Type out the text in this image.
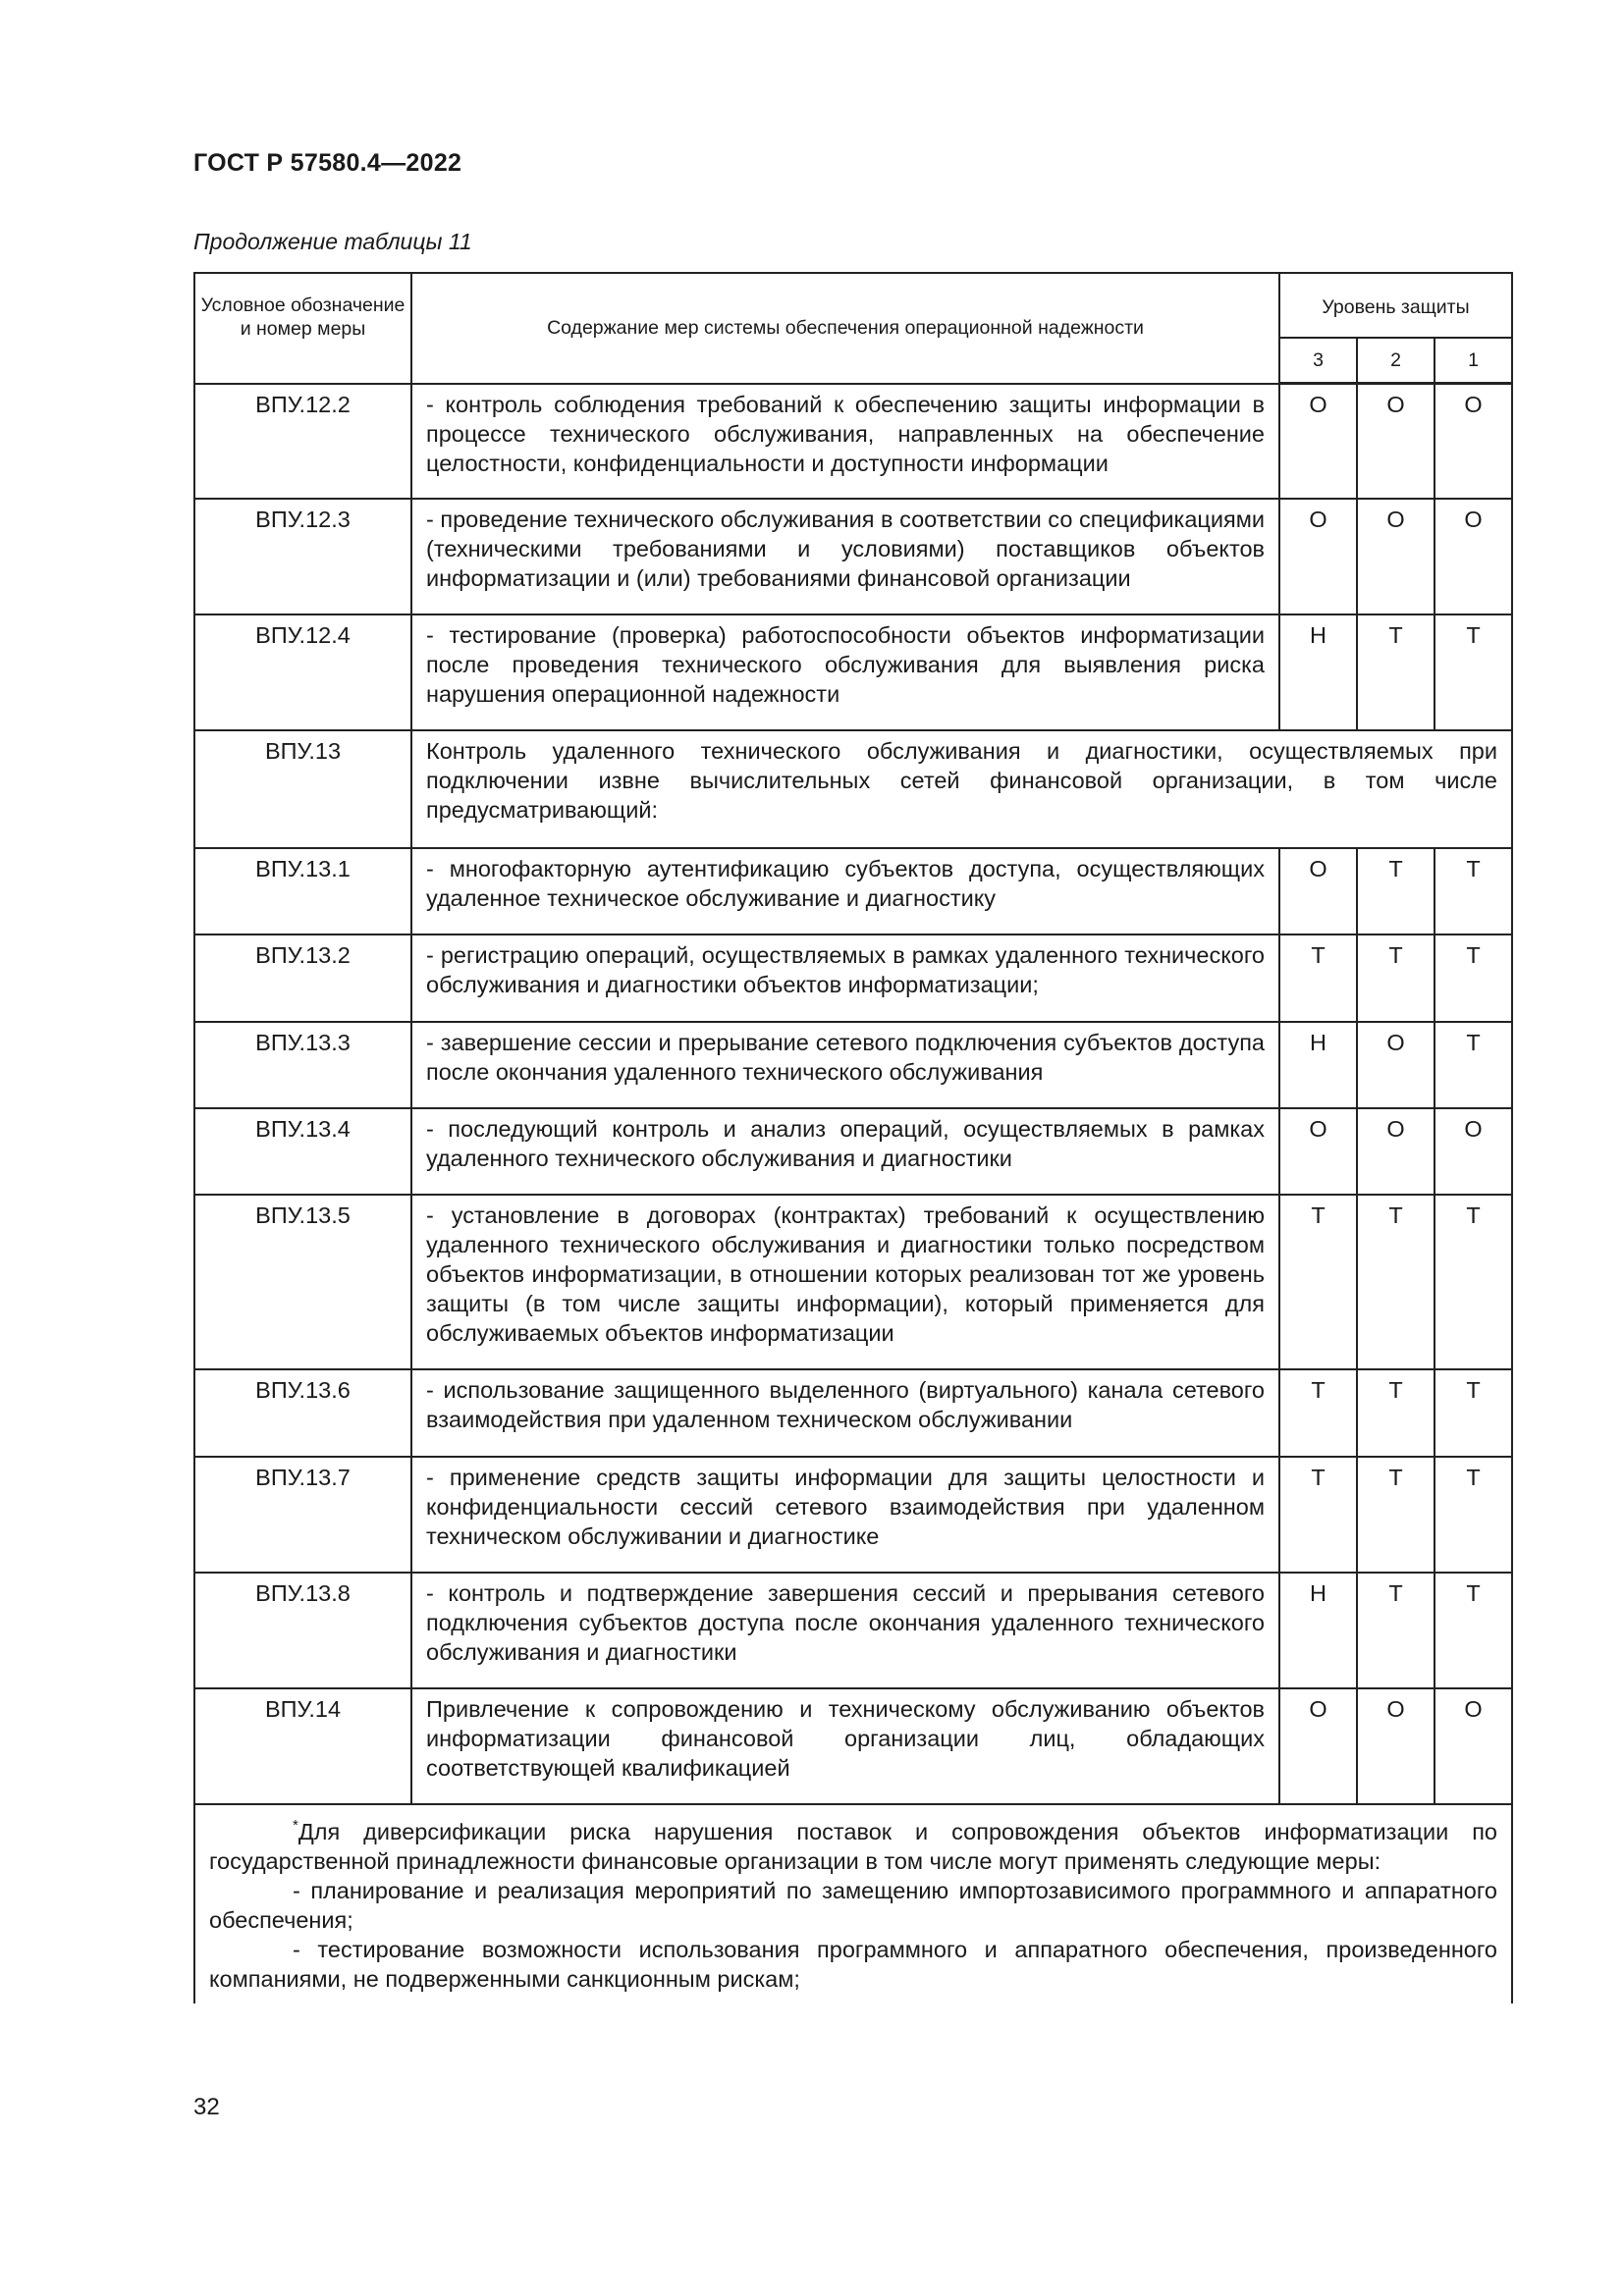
ГОСТ Р 57580.4—2022
Продолжение таблицы 11
Условное обозначение и номер меры	Содержание мер системы обеспечения операционной надежности	Уровень защиты		
		3	2	1
ВПУ.12.2	- контроль соблюдения требований к обеспечению защиты информации в процессе технического обслуживания, направленных на обеспечение целостности, конфиденциальности и доступности информации	О	О	О
ВПУ.12.3	- проведение технического обслуживания в соответствии со спецификациями (техническими требованиями и условиями) поставщиков объектов информатизации и (или) требованиями финансовой организации	О	О	О
ВПУ.12.4	- тестирование (проверка) работоспособности объектов информатизации после проведения технического обслуживания для выявления риска нарушения операционной надежности	Н	Т	Т
ВПУ.13	Контроль удаленного технического обслуживания и диагностики, осуществляемых при подключении извне вычислительных сетей финансовой организации, в том числе предусматривающий:			
ВПУ.13.1	- многофакторную аутентификацию субъектов доступа, осуществляющих удаленное техническое обслуживание и диагностику	О	Т	Т
ВПУ.13.2	- регистрацию операций, осуществляемых в рамках удаленного технического обслуживания и диагностики объектов информатизации;	Т	Т	Т
ВПУ.13.3	- завершение сессии и прерывание сетевого подключения субъектов доступа после окончания удаленного технического обслуживания	Н	О	Т
ВПУ.13.4	- последующий контроль и анализ операций, осуществляемых в рамках удаленного технического обслуживания и диагностики	О	О	О
ВПУ.13.5	- установление в договорах (контрактах) требований к осуществлению удаленного технического обслуживания и диагностики только посредством объектов информатизации, в отношении которых реализован тот же уровень защиты (в том числе защиты информации), который применяется для обслуживаемых объектов информатизации	Т	Т	Т
ВПУ.13.6	- использование защищенного выделенного (виртуального) канала сетевого взаимодействия при удаленном техническом обслуживании	Т	Т	Т
ВПУ.13.7	- применение средств защиты информации для защиты целостности и конфиденциальности сессий сетевого взаимодействия при удаленном техническом обслуживании и диагностике	Т	Т	Т
ВПУ.13.8	- контроль и подтверждение завершения сессий и прерывания сетевого подключения субъектов доступа после окончания удаленного технического обслуживания и диагностики	Н	Т	Т
ВПУ.14	Привлечение к сопровождению и техническому обслуживанию объектов информатизации финансовой организации лиц, обладающих соответствующей квалификацией	О	О	О

*Для диверсификации риска нарушения поставок и сопровождения объектов информатизации по государственной принадлежности финансовые организации в том числе могут применять следующие меры:

- планирование и реализация мероприятий по замещению импортозависимого программного и аппаратного обеспечения;

- тестирование возможности использования программного и аппаратного обеспечения, произведенного компаниями, не подверженными санкционным рискам;				

32
